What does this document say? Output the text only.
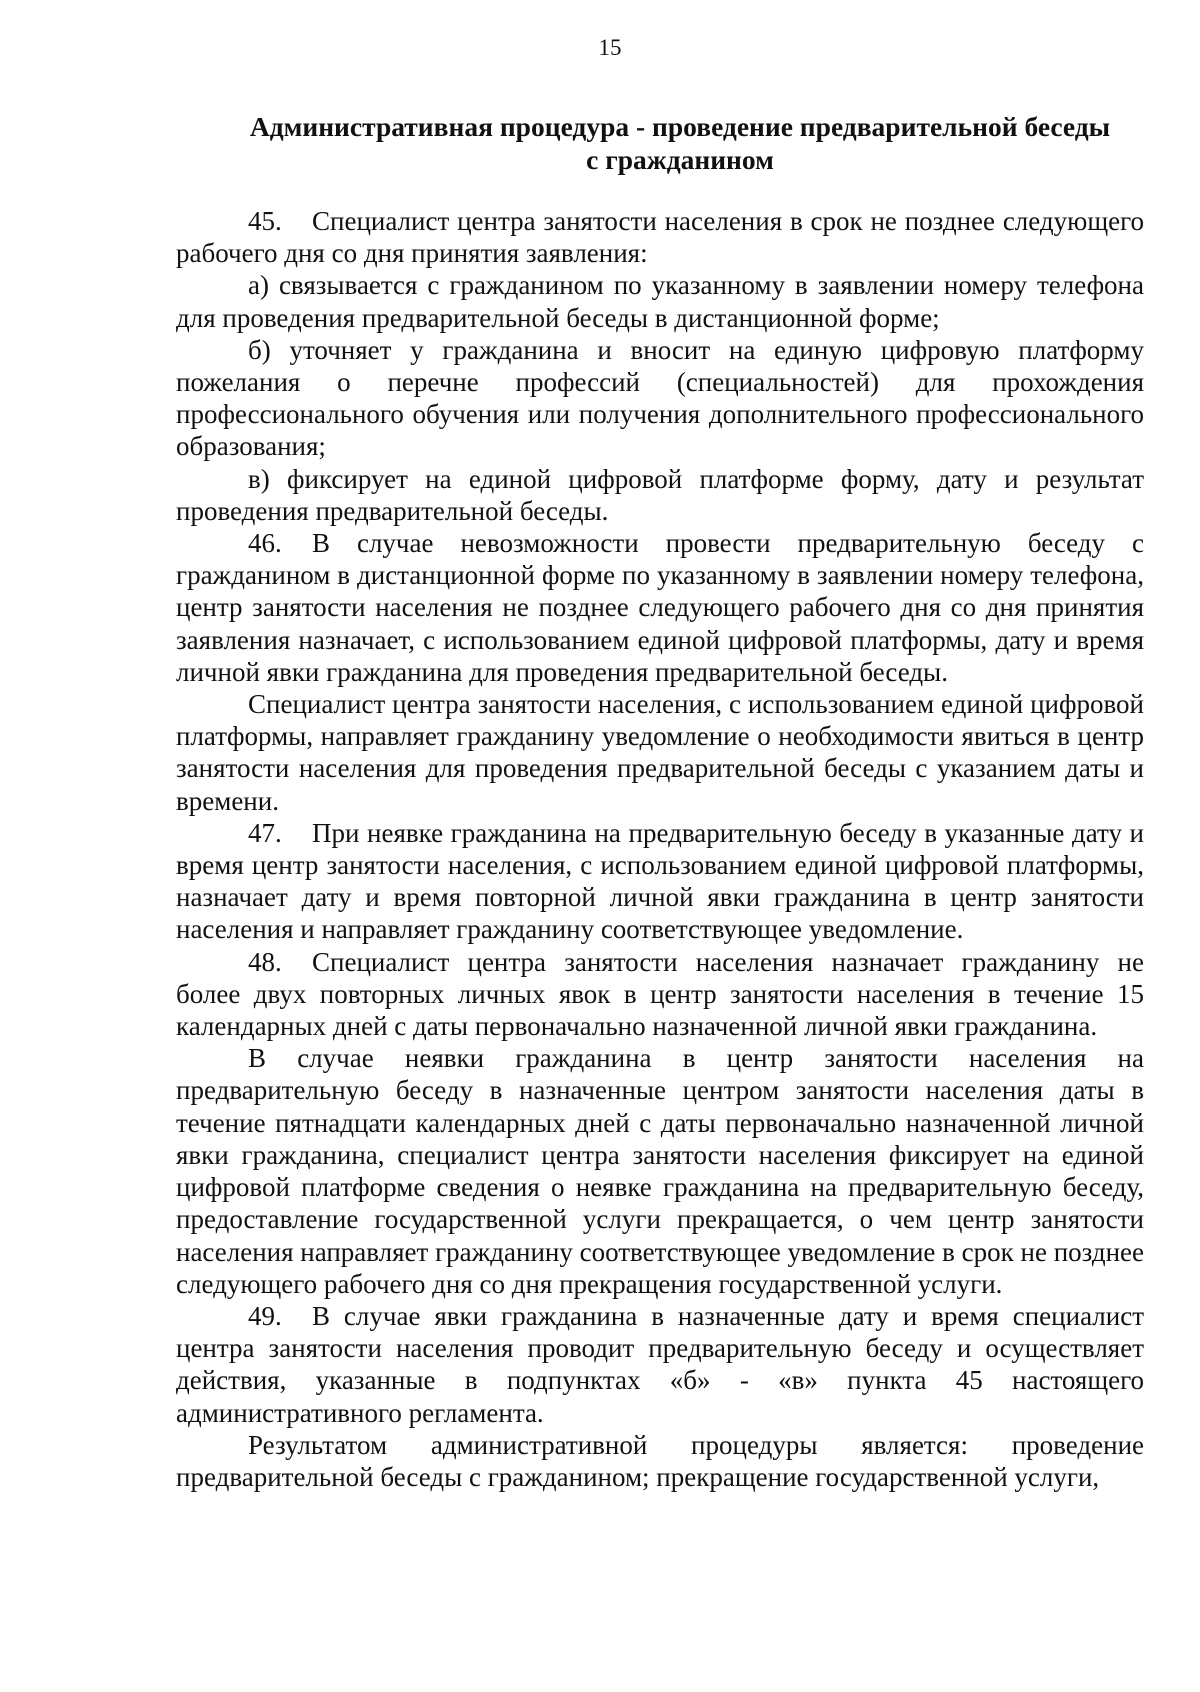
15
Административная процедура - проведение предварительной беседы
с гражданином

45. Специалист центра занятости населения в срок не позднее следующего рабочего дня со дня принятия заявления:

а) связывается с гражданином по указанному в заявлении номеру телефона для проведения предварительной беседы в дистанционной форме;

б) уточняет у гражданина и вносит на единую цифровую платформу пожелания о перечне профессий (специальностей) для прохождения профессионального обучения или получения дополнительного профессионального образования;

в) фиксирует на единой цифровой платформе форму, дату и результат проведения предварительной беседы.

46. В случае невозможности провести предварительную беседу с гражданином в дистанционной форме по указанному в заявлении номеру телефона, центр занятости населения не позднее следующего рабочего дня со дня принятия заявления назначает, с использованием единой цифровой платформы, дату и время личной явки гражданина для проведения предварительной беседы.

Специалист центра занятости населения, с использованием единой цифровой платформы, направляет гражданину уведомление о необходимости явиться в центр занятости населения для проведения предварительной беседы с указанием даты и времени.

47. При неявке гражданина на предварительную беседу в указанные дату и время центр занятости населения, с использованием единой цифровой платформы, назначает дату и время повторной личной явки гражданина в центр занятости населения и направляет гражданину соответствующее уведомление.

48. Специалист центра занятости населения назначает гражданину не более двух повторных личных явок в центр занятости населения в течение 15 календарных дней с даты первоначально назначенной личной явки гражданина.

В случае неявки гражданина в центр занятости населения на предварительную беседу в назначенные центром занятости населения даты в течение пятнадцати календарных дней с даты первоначально назначенной личной явки гражданина, специалист центра занятости населения фиксирует на единой цифровой платформе сведения о неявке гражданина на предварительную беседу, предоставление государственной услуги прекращается, о чем центр занятости населения направляет гражданину соответствующее уведомление в срок не позднее следующего рабочего дня со дня прекращения государственной услуги.

49. В случае явки гражданина в назначенные дату и время специалист центра занятости населения проводит предварительную беседу и осуществляет действия, указанные в подпунктах «б» - «в» пункта 45 настоящего административного регламента.

Результатом административной процедуры является: проведение предварительной беседы с гражданином; прекращение государственной услуги,
